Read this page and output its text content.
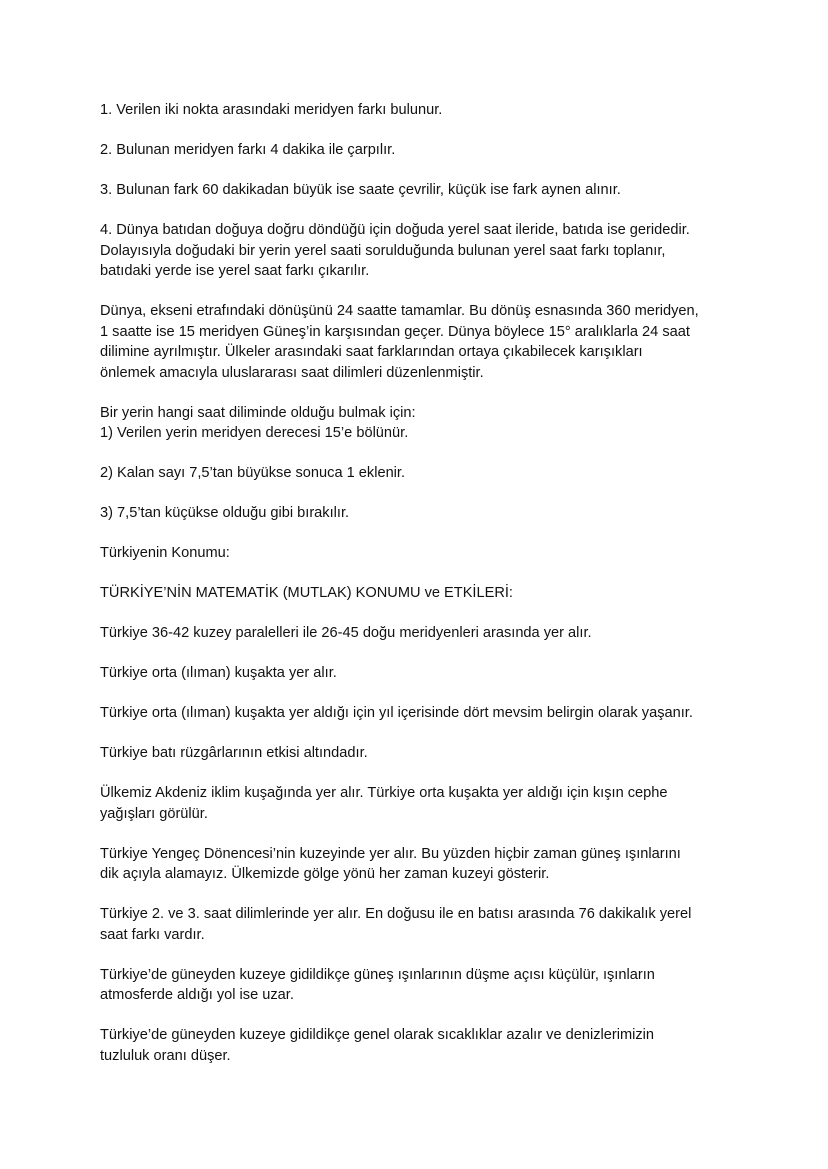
1. Verilen iki nokta arasındaki meridyen farkı bulunur.

2. Bulunan meridyen farkı 4 dakika ile çarpılır.

3. Bulunan fark 60 dakikadan büyük ise saate çevrilir, küçük ise fark aynen alınır.

4. Dünya batıdan doğuya doğru döndüğü için doğuda yerel saat ileride, batıda ise geridedir.
Dolayısıyla doğudaki bir yerin yerel saati sorulduğunda bulunan yerel saat farkı toplanır,
batıdaki yerde ise yerel saat farkı çıkarılır.

Dünya, ekseni etrafındaki dönüşünü 24 saatte tamamlar. Bu dönüş esnasında 360 meridyen,
1 saatte ise 15 meridyen Güneş’in karşısından geçer. Dünya böylece 15° aralıklarla 24 saat
dilimine ayrılmıştır. Ülkeler arasındaki saat farklarından ortaya çıkabilecek karışıkları
önlemek amacıyla uluslararası saat dilimleri düzenlenmiştir.

Bir yerin hangi saat diliminde olduğu bulmak için:
1) Verilen yerin meridyen derecesi 15’e bölünür.

2) Kalan sayı 7,5’tan büyükse sonuca 1 eklenir.

3) 7,5’tan küçükse olduğu gibi bırakılır.

Türkiyenin Konumu:

TÜRKİYE’NİN MATEMATİK (MUTLAK) KONUMU ve ETKİLERİ:

Türkiye 36-42 kuzey paralelleri ile 26-45 doğu meridyenleri arasında yer alır.

Türkiye orta (ılıman) kuşakta yer alır.

Türkiye orta (ılıman) kuşakta yer aldığı için yıl içerisinde dört mevsim belirgin olarak yaşanır.

Türkiye batı rüzgârlarının etkisi altındadır.

Ülkemiz Akdeniz iklim kuşağında yer alır. Türkiye orta kuşakta yer aldığı için kışın cephe
yağışları görülür.

Türkiye Yengeç Dönencesi’nin kuzeyinde yer alır. Bu yüzden hiçbir zaman güneş ışınlarını
dik açıyla alamayız. Ülkemizde gölge yönü her zaman kuzeyi gösterir.

Türkiye 2. ve 3. saat dilimlerinde yer alır. En doğusu ile en batısı arasında 76 dakikalık yerel
saat farkı vardır.

Türkiye’de güneyden kuzeye gidildikçe güneş ışınlarının düşme açısı küçülür, ışınların
atmosferde aldığı yol ise uzar.

Türkiye’de güneyden kuzeye gidildikçe genel olarak sıcaklıklar azalır ve denizlerimizin
tuzluluk oranı düşer.
